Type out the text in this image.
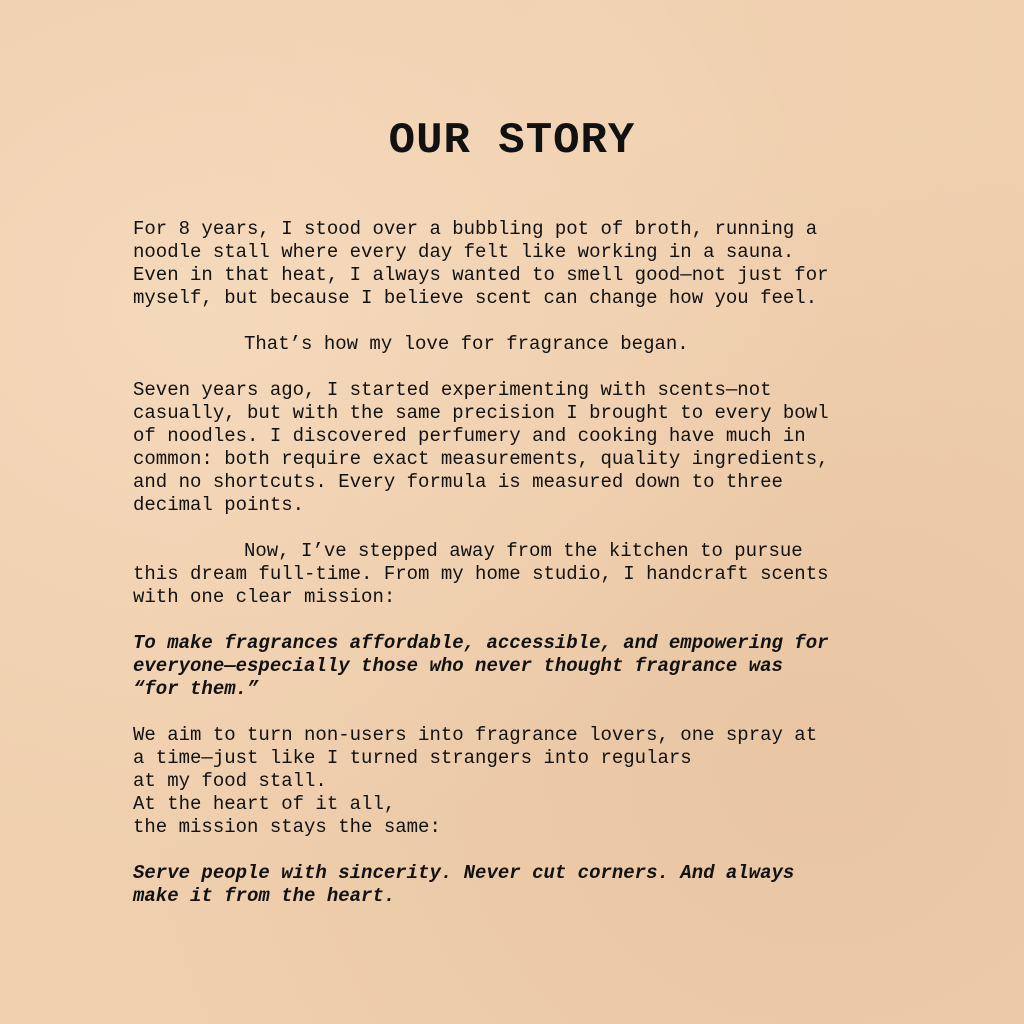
OUR STORY
For 8 years, I stood over a bubbling pot of broth, running a
noodle stall where every day felt like working in a sauna.
Even in that heat, I always wanted to smell good—not just for
myself, but because I believe scent can change how you feel.
That’s how my love for fragrance began.
Seven years ago, I started experimenting with scents—not
casually, but with the same precision I brought to every bowl
of noodles. I discovered perfumery and cooking have much in
common: both require exact measurements, quality ingredients,
and no shortcuts. Every formula is measured down to three
decimal points.
Now, I’ve stepped away from the kitchen to pursue
this dream full-time. From my home studio, I handcraft scents
with one clear mission:
To make fragrances affordable, accessible, and empowering for
everyone—especially those who never thought fragrance was
“for them.”
We aim to turn non-users into fragrance lovers, one spray at
a time—just like I turned strangers into regulars
at my food stall.
At the heart of it all,
the mission stays the same:
Serve people with sincerity. Never cut corners. And always
make it from the heart.
